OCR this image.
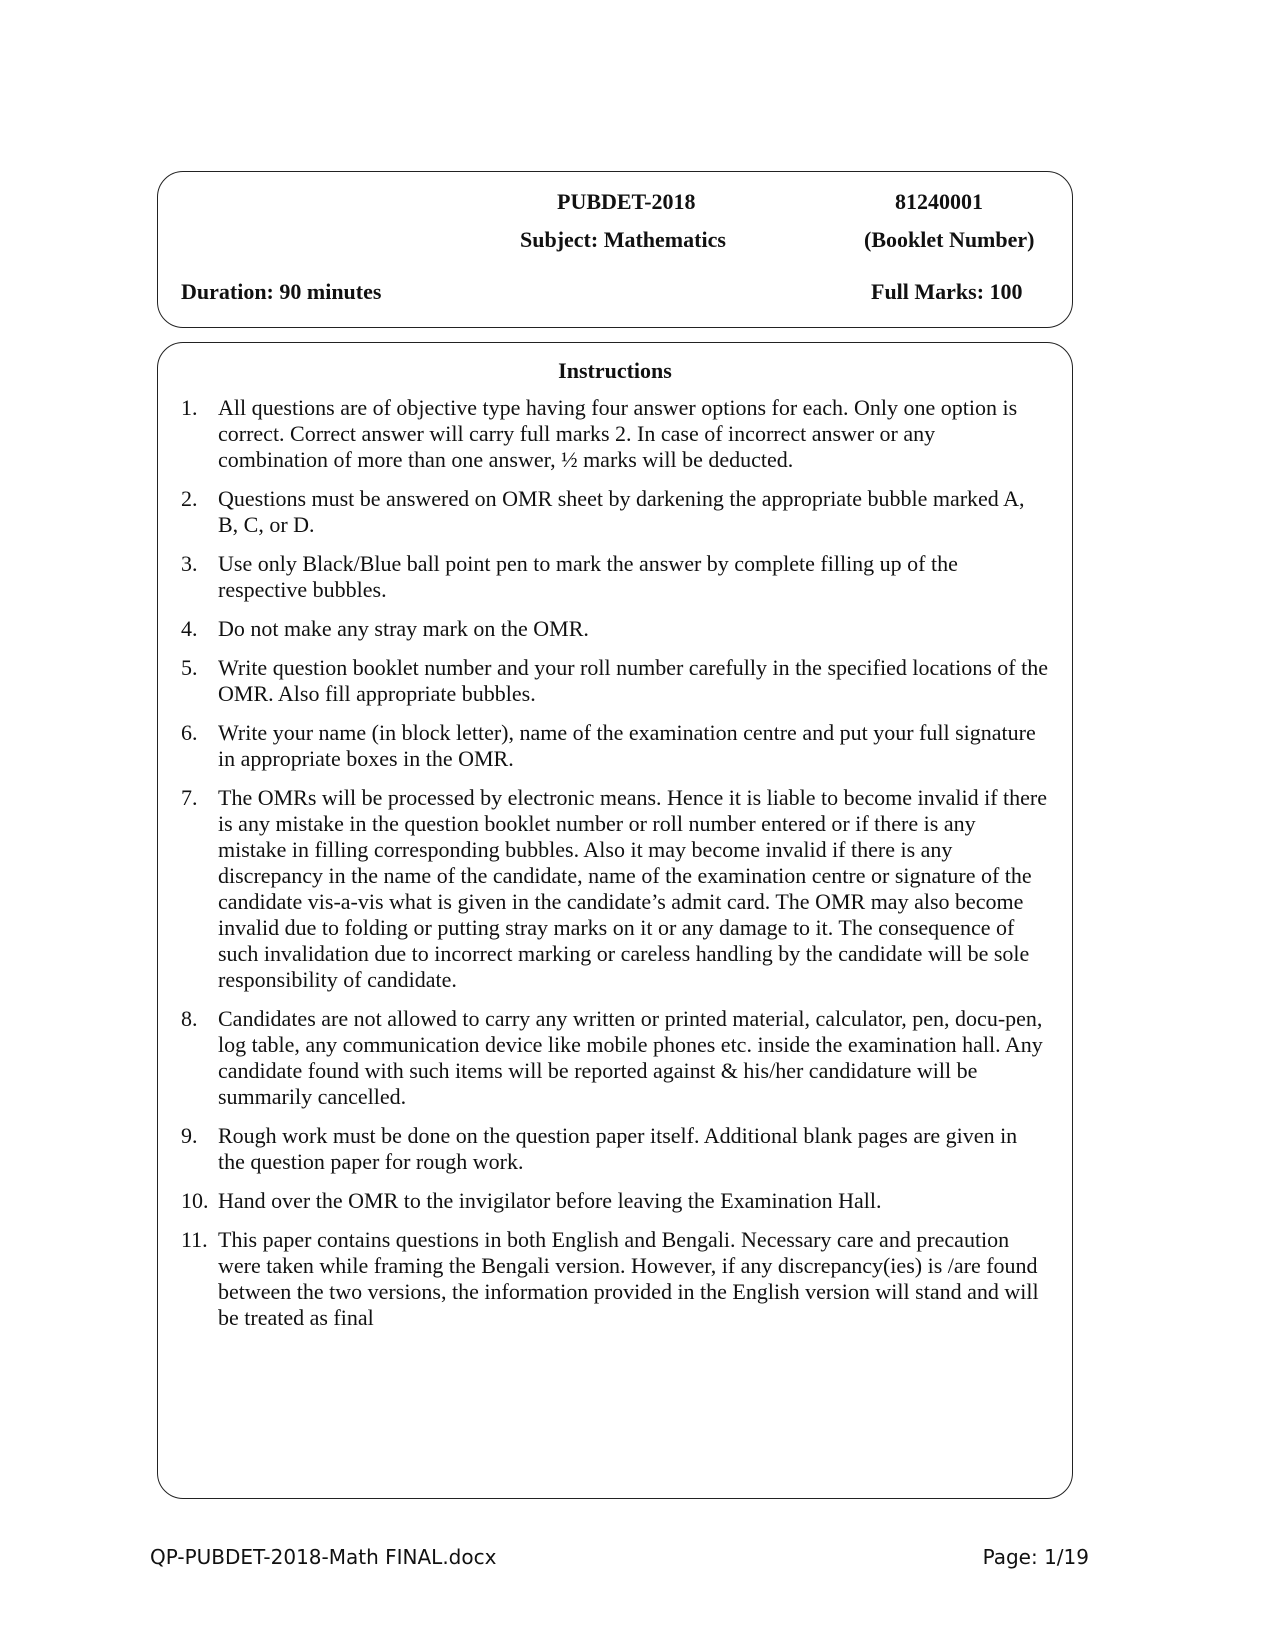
PUBDET-2018	81240001
Subject: Mathematics	(Booklet Number)
Duration: 90 minutes	Full Marks: 100
Instructions
1. All questions are of objective type having four answer options for each. Only one option is correct. Correct answer will carry full marks 2. In case of incorrect answer or any combination of more than one answer, ½ marks will be deducted.
2. Questions must be answered on OMR sheet by darkening the appropriate bubble marked A, B, C, or D.
3. Use only Black/Blue ball point pen to mark the answer by complete filling up of the respective bubbles.
4. Do not make any stray mark on the OMR.
5. Write question booklet number and your roll number carefully in the specified locations of the OMR. Also fill appropriate bubbles.
6. Write your name (in block letter), name of the examination centre and put your full signature in appropriate boxes in the OMR.
7. The OMRs will be processed by electronic means. Hence it is liable to become invalid if there is any mistake in the question booklet number or roll number entered or if there is any mistake in filling corresponding bubbles. Also it may become invalid if there is any discrepancy in the name of the candidate, name of the examination centre or signature of the candidate vis-a-vis what is given in the candidate’s admit card. The OMR may also become invalid due to folding or putting stray marks on it or any damage to it. The consequence of such invalidation due to incorrect marking or careless handling by the candidate will be sole responsibility of candidate.
8. Candidates are not allowed to carry any written or printed material, calculator, pen, docu-pen, log table, any communication device like mobile phones etc. inside the examination hall. Any candidate found with such items will be reported against & his/her candidature will be summarily cancelled.
9. Rough work must be done on the question paper itself. Additional blank pages are given in the question paper for rough work.
10. Hand over the OMR to the invigilator before leaving the Examination Hall.
11. This paper contains questions in both English and Bengali. Necessary care and precaution were taken while framing the Bengali version. However, if any discrepancy(ies) is /are found between the two versions, the information provided in the English version will stand and will be treated as final
QP-PUBDET-2018-Math FINAL.docx	Page: 1/19
